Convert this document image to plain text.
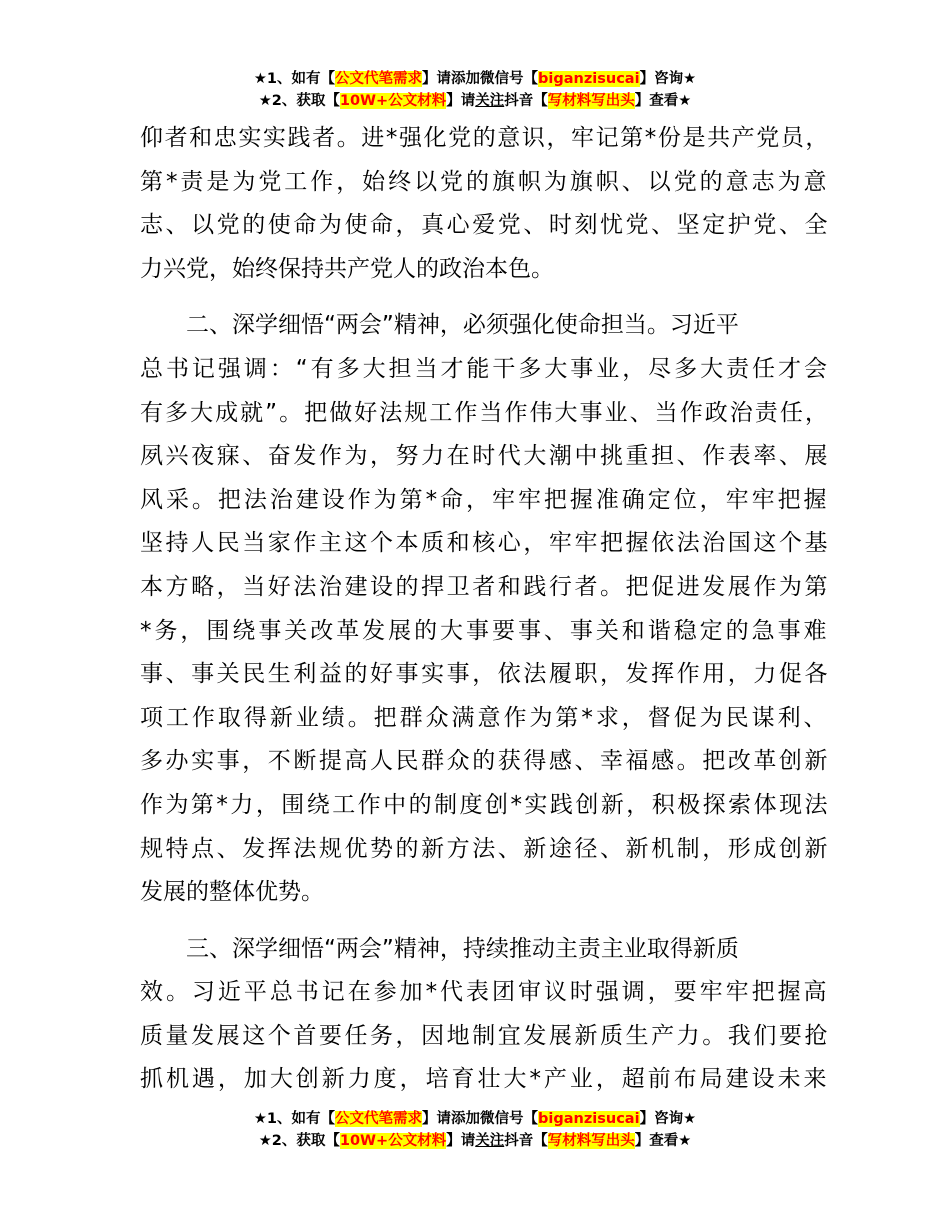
★1、如有【公文代笔需求】请添加微信号【biganzisucai】咨询★
★2、获取【10W+公文材料】请关注抖音【写材料写出头】查看★

仰者和忠实实践者。进*强化党的意识，牢记第*份是共产党员，

第*责是为党工作，始终以党的旗帜为旗帜、以党的意志为意

志、以党的使命为使命，真心爱党、时刻忧党、坚定护党、全

力兴党，始终保持共产党人的政治本色。

　　二、深学细悟“两会”精神，必须强化使命担当。习近平

总书记强调：“有多大担当才能干多大事业，尽多大责任才会

有多大成就”。把做好法规工作当作伟大事业、当作政治责任，

夙兴夜寐、奋发作为，努力在时代大潮中挑重担、作表率、展

风采。把法治建设作为第*命，牢牢把握准确定位，牢牢把握

坚持人民当家作主这个本质和核心，牢牢把握依法治国这个基

本方略，当好法治建设的捍卫者和践行者。把促进发展作为第

*务，围绕事关改革发展的大事要事、事关和谐稳定的急事难

事、事关民生利益的好事实事，依法履职，发挥作用，力促各

项工作取得新业绩。把群众满意作为第*求，督促为民谋利、

多办实事，不断提高人民群众的获得感、幸福感。把改革创新

作为第*力，围绕工作中的制度创*实践创新，积极探索体现法

规特点、发挥法规优势的新方法、新途径、新机制，形成创新

发展的整体优势。

　　三、深学细悟“两会”精神，持续推动主责主业取得新质

效。习近平总书记在参加*代表团审议时强调，要牢牢把握高

质量发展这个首要任务，因地制宜发展新质生产力。我们要抢

抓机遇，加大创新力度，培育壮大*产业，超前布局建设未来

★1、如有【公文代笔需求】请添加微信号【biganzisucai】咨询★
★2、获取【10W+公文材料】请关注抖音【写材料写出头】查看★
